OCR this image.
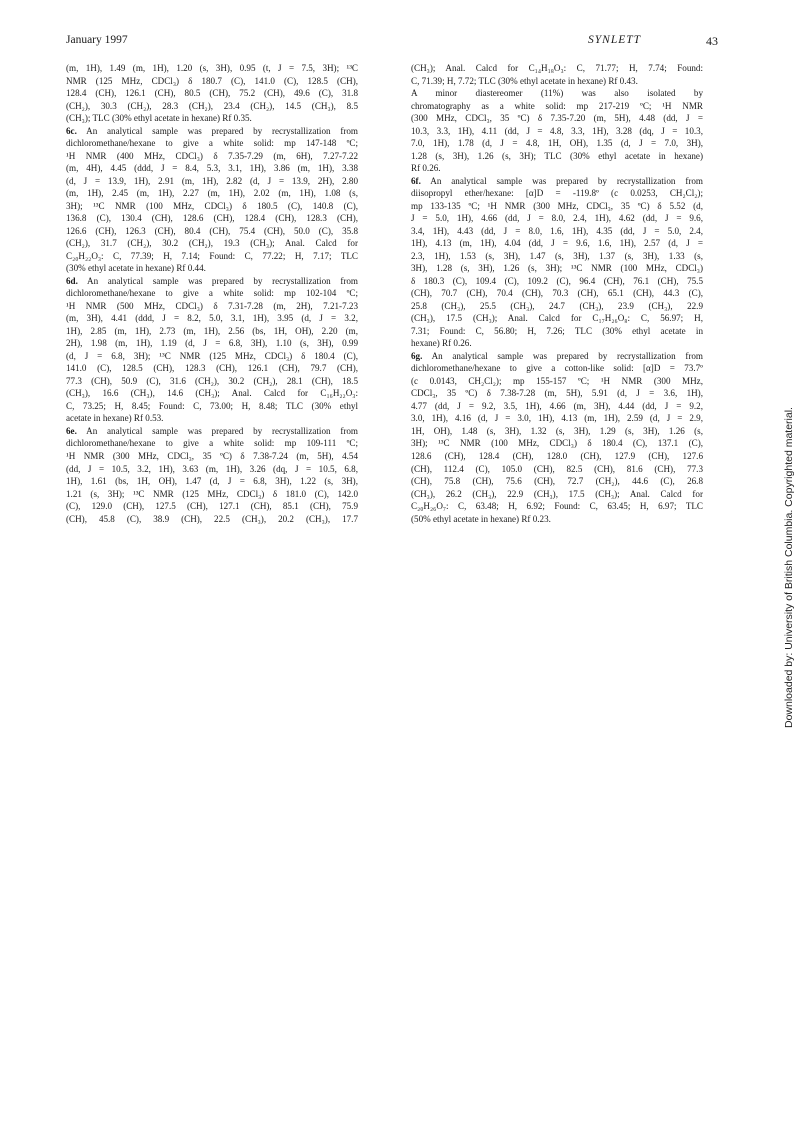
January 1997	SYNLETT	43
(m, 1H), 1.49 (m, 1H), 1.20 (s, 3H), 0.95 (t, J = 7.5, 3H); ¹³C
NMR (125 MHz, CDCl₃) δ 180.7 (C), 141.0 (C), 128.5 (CH),
128.4 (CH), 126.1 (CH), 80.5 (CH), 75.2 (CH), 49.6 (C), 31.8
(CH₂), 30.3 (CH₂), 28.3 (CH₂), 23.4 (CH₂), 14.5 (CH₃), 8.5
(CH₃); TLC (30% ethyl acetate in hexane) Rf 0.35.
6c. An analytical sample was prepared by recrystallization from
dichloromethane/hexane to give a white solid: mp 147-148 ºC;
¹H NMR (400 MHz, CDCl₃) δ 7.35-7.29 (m, 6H), 7.27-7.22
(m, 4H), 4.45 (ddd, J = 8.4, 5.3, 3.1, 1H), 3.86 (m, 1H), 3.38
(d, J = 13.9, 1H), 2.91 (m, 1H), 2.82 (d, J = 13.9, 2H), 2.80
(m, 1H), 2.45 (m, 1H), 2.27 (m, 1H), 2.02 (m, 1H), 1.08 (s,
3H); ¹³C NMR (100 MHz, CDCl₃) δ 180.5 (C), 140.8 (C),
136.8 (C), 130.4 (CH), 128.6 (CH), 128.4 (CH), 128.3 (CH),
126.6 (CH), 126.3 (CH), 80.4 (CH), 75.4 (CH), 50.0 (C), 35.8
(CH₂), 31.7 (CH₂), 30.2 (CH₂), 19.3 (CH₃); Anal. Calcd for
C₂₀H₂₂O₃: C, 77.39; H, 7.14; Found: C, 77.22; H, 7.17; TLC
(30% ethyl acetate in hexane) Rf 0.44.
6d. An analytical sample was prepared by recrystallization from
dichloromethane/hexane to give a white solid: mp 102-104 ºC;
¹H NMR (500 MHz, CDCl₃) δ 7.31-7.28 (m, 2H), 7.21-7.23
(m, 3H), 4.41 (ddd, J = 8.2, 5.0, 3.1, 1H), 3.95 (d, J = 3.2,
1H), 2.85 (m, 1H), 2.73 (m, 1H), 2.56 (bs, 1H, OH), 2.20 (m,
2H), 1.98 (m, 1H), 1.19 (d, J = 6.8, 3H), 1.10 (s, 3H), 0.99
(d, J = 6.8, 3H); ¹³C NMR (125 MHz, CDCl₃) δ 180.4 (C),
141.0 (C), 128.5 (CH), 128.3 (CH), 126.1 (CH), 79.7 (CH),
77.3 (CH), 50.9 (C), 31.6 (CH₂), 30.2 (CH₂), 28.1 (CH), 18.5
(CH₃), 16.6 (CH₃), 14.6 (CH₃); Anal. Calcd for C₁₆H₂₂O₃:
C, 73.25; H, 8.45; Found: C, 73.00; H, 8.48; TLC (30% ethyl
acetate in hexane) Rf 0.53.
6e. An analytical sample was prepared by recrystallization from
dichloromethane/hexane to give a white solid: mp 109-111 ºC;
¹H NMR (300 MHz, CDCl₃, 35 ºC) δ 7.38-7.24 (m, 5H), 4.54
(dd, J = 10.5, 3.2, 1H), 3.63 (m, 1H), 3.26 (dq, J = 10.5, 6.8,
1H), 1.61 (bs, 1H, OH), 1.47 (d, J = 6.8, 3H), 1.22 (s, 3H),
1.21 (s, 3H); ¹³C NMR (125 MHz, CDCl₃) δ 181.0 (C), 142.0
(C), 129.0 (CH), 127.5 (CH), 127.1 (CH), 85.1 (CH), 75.9
(CH), 45.8 (C), 38.9 (CH), 22.5 (CH₃), 20.2 (CH₃), 17.7
(CH₃); Anal. Calcd for C₁₄H₁₈O₃: C, 71.77; H, 7.74; Found:
C, 71.39; H, 7.72; TLC (30% ethyl acetate in hexane) Rf 0.43.
A minor diastereomer (11%) was also isolated by
chromatography as a white solid: mp 217-219 ºC; ¹H NMR
(300 MHz, CDCl₃, 35 ºC) δ 7.35-7.20 (m, 5H), 4.48 (dd, J =
10.3, 3.3, 1H), 4.11 (dd, J = 4.8, 3.3, 1H), 3.28 (dq, J = 10.3,
7.0, 1H), 1.78 (d, J = 4.8, 1H, OH), 1.35 (d, J = 7.0, 3H),
1.28 (s, 3H), 1.26 (s, 3H); TLC (30% ethyl acetate in hexane)
Rf 0.26.
6f. An analytical sample was prepared by recrystallization from
diisopropyl ether/hexane: [α]D = -119.8º (c 0.0253, CH₂Cl₂);
mp 133-135 ºC; ¹H NMR (300 MHz, CDCl₃, 35 ºC) δ 5.52 (d,
J = 5.0, 1H), 4.66 (dd, J = 8.0, 2.4, 1H), 4.62 (dd, J = 9.6,
3.4, 1H), 4.43 (dd, J = 8.0, 1.6, 1H), 4.35 (dd, J = 5.0, 2.4,
1H), 4.13 (m, 1H), 4.04 (dd, J = 9.6, 1.6, 1H), 2.57 (d, J =
2.3, 1H), 1.53 (s, 3H), 1.47 (s, 3H), 1.37 (s, 3H), 1.33 (s,
3H), 1.28 (s, 3H), 1.26 (s, 3H); ¹³C NMR (100 MHz, CDCl₃)
δ 180.3 (C), 109.4 (C), 109.2 (C), 96.4 (CH), 76.1 (CH), 75.5
(CH), 70.7 (CH), 70.4 (CH), 70.3 (CH), 65.1 (CH), 44.3 (C),
25.8 (CH₃), 25.5 (CH₃), 24.7 (CH₃), 23.9 (CH₃), 22.9
(CH₃), 17.5 (CH₃); Anal. Calcd for C₁₇H₂₆O₈: C, 56.97; H,
7.31; Found: C, 56.80; H, 7.26; TLC (30% ethyl acetate in
hexane) Rf 0.26.
6g. An analytical sample was prepared by recrystallization from
dichloromethane/hexane to give a cotton-like solid: [α]D = 73.7º
(c 0.0143, CH₂Cl₂); mp 155-157 ºC; ¹H NMR (300 MHz,
CDCl₃, 35 ºC) δ 7.38-7.28 (m, 5H), 5.91 (d, J = 3.6, 1H),
4.77 (dd, J = 9.2, 3.5, 1H), 4.66 (m, 3H), 4.44 (dd, J = 9.2,
3.0, 1H), 4.16 (d, J = 3.0, 1H), 4.13 (m, 1H), 2.59 (d, J = 2.9,
1H, OH), 1.48 (s, 3H), 1.32 (s, 3H), 1.29 (s, 3H), 1.26 (s,
3H); ¹³C NMR (100 MHz, CDCl₃) δ 180.4 (C), 137.1 (C),
128.6 (CH), 128.4 (CH), 128.0 (CH), 127.9 (CH), 127.6
(CH), 112.4 (C), 105.0 (CH), 82.5 (CH), 81.6 (CH), 77.3
(CH), 75.8 (CH), 75.6 (CH), 72.7 (CH₂), 44.6 (C), 26.8
(CH₃), 26.2 (CH₃), 22.9 (CH₃), 17.5 (CH₃); Anal. Calcd for
C₂₀H₂₆O₇: C, 63.48; H, 6.92; Found: C, 63.45; H, 6.97; TLC
(50% ethyl acetate in hexane) Rf 0.23.	Downloaded by: University of British Columbia. Copyrighted material.
